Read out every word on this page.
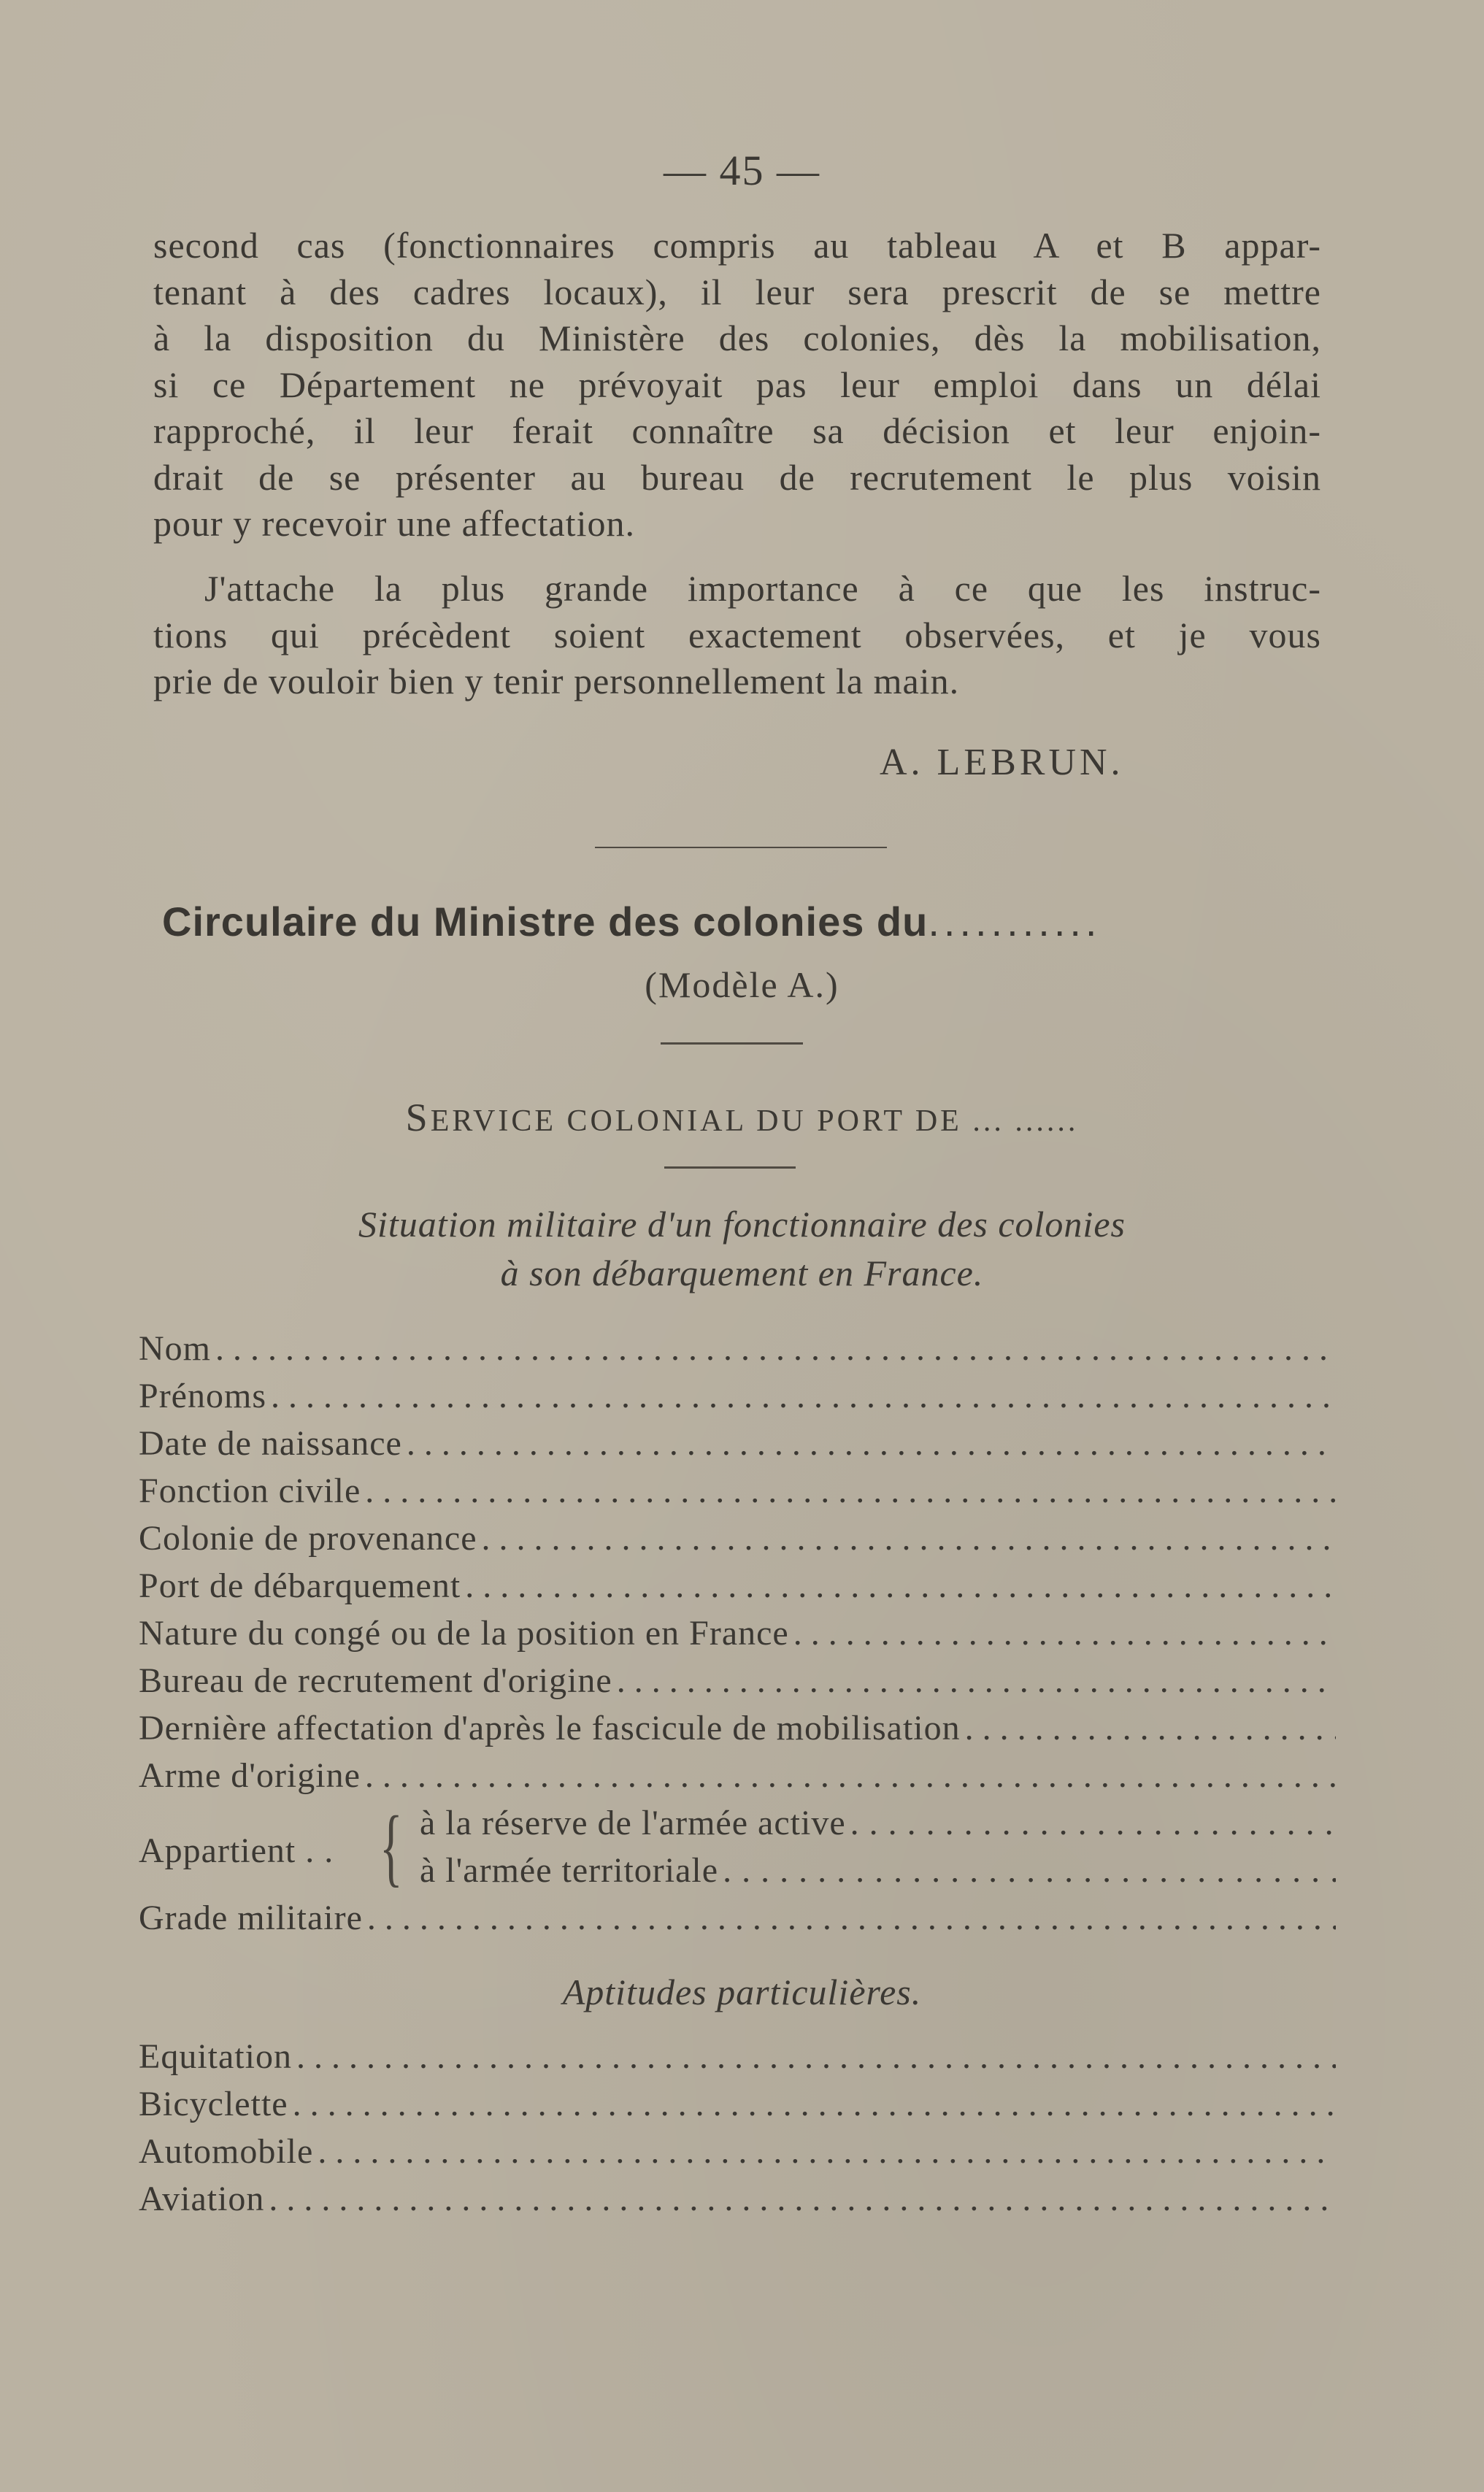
— 45 —
second cas (fonctionnaires compris au tableau A et B appar-
tenant à des cadres locaux), il leur sera prescrit de se mettre
à la disposition du Ministère des colonies, dès la mobilisation,
si ce Département ne prévoyait pas leur emploi dans un délai
rapproché, il leur ferait connaître sa décision et leur enjoin-
drait de se présenter au bureau de recrutement le plus voisin
pour y recevoir une affectation.
J'attache la plus grande importance à ce que les instruc-
tions qui précèdent soient exactement observées, et je vous
prie de vouloir bien y tenir personnellement la main.
A. LEBRUN.
Circulaire du Ministre des colonies du...........
(Modèle A.)
SERVICE COLONIAL DU PORT DE ... ......
Situation militaire d'un fonctionnaire des colonies
à son débarquement en France.
Nom
. . .
Prénoms
. . .
Date de naissance
. . .
Fonction civile
. . .
Colonie de provenance
. . .
Port de débarquement
. . .
Nature du congé ou de la position en France
. . .
Bureau de recrutement d'origine
. . .
Dernière affectation d'après le fascicule de mobilisation
. . .
Arme d'origine
. . .
Appartient . . { à la réserve de l'armée active
. . .
à l'armée territoriale
. . .
Grade militaire
. . .
Aptitudes particulières.
Equitation
. . .
Bicyclette
. . .
Automobile
. . .
Aviation
. . .
